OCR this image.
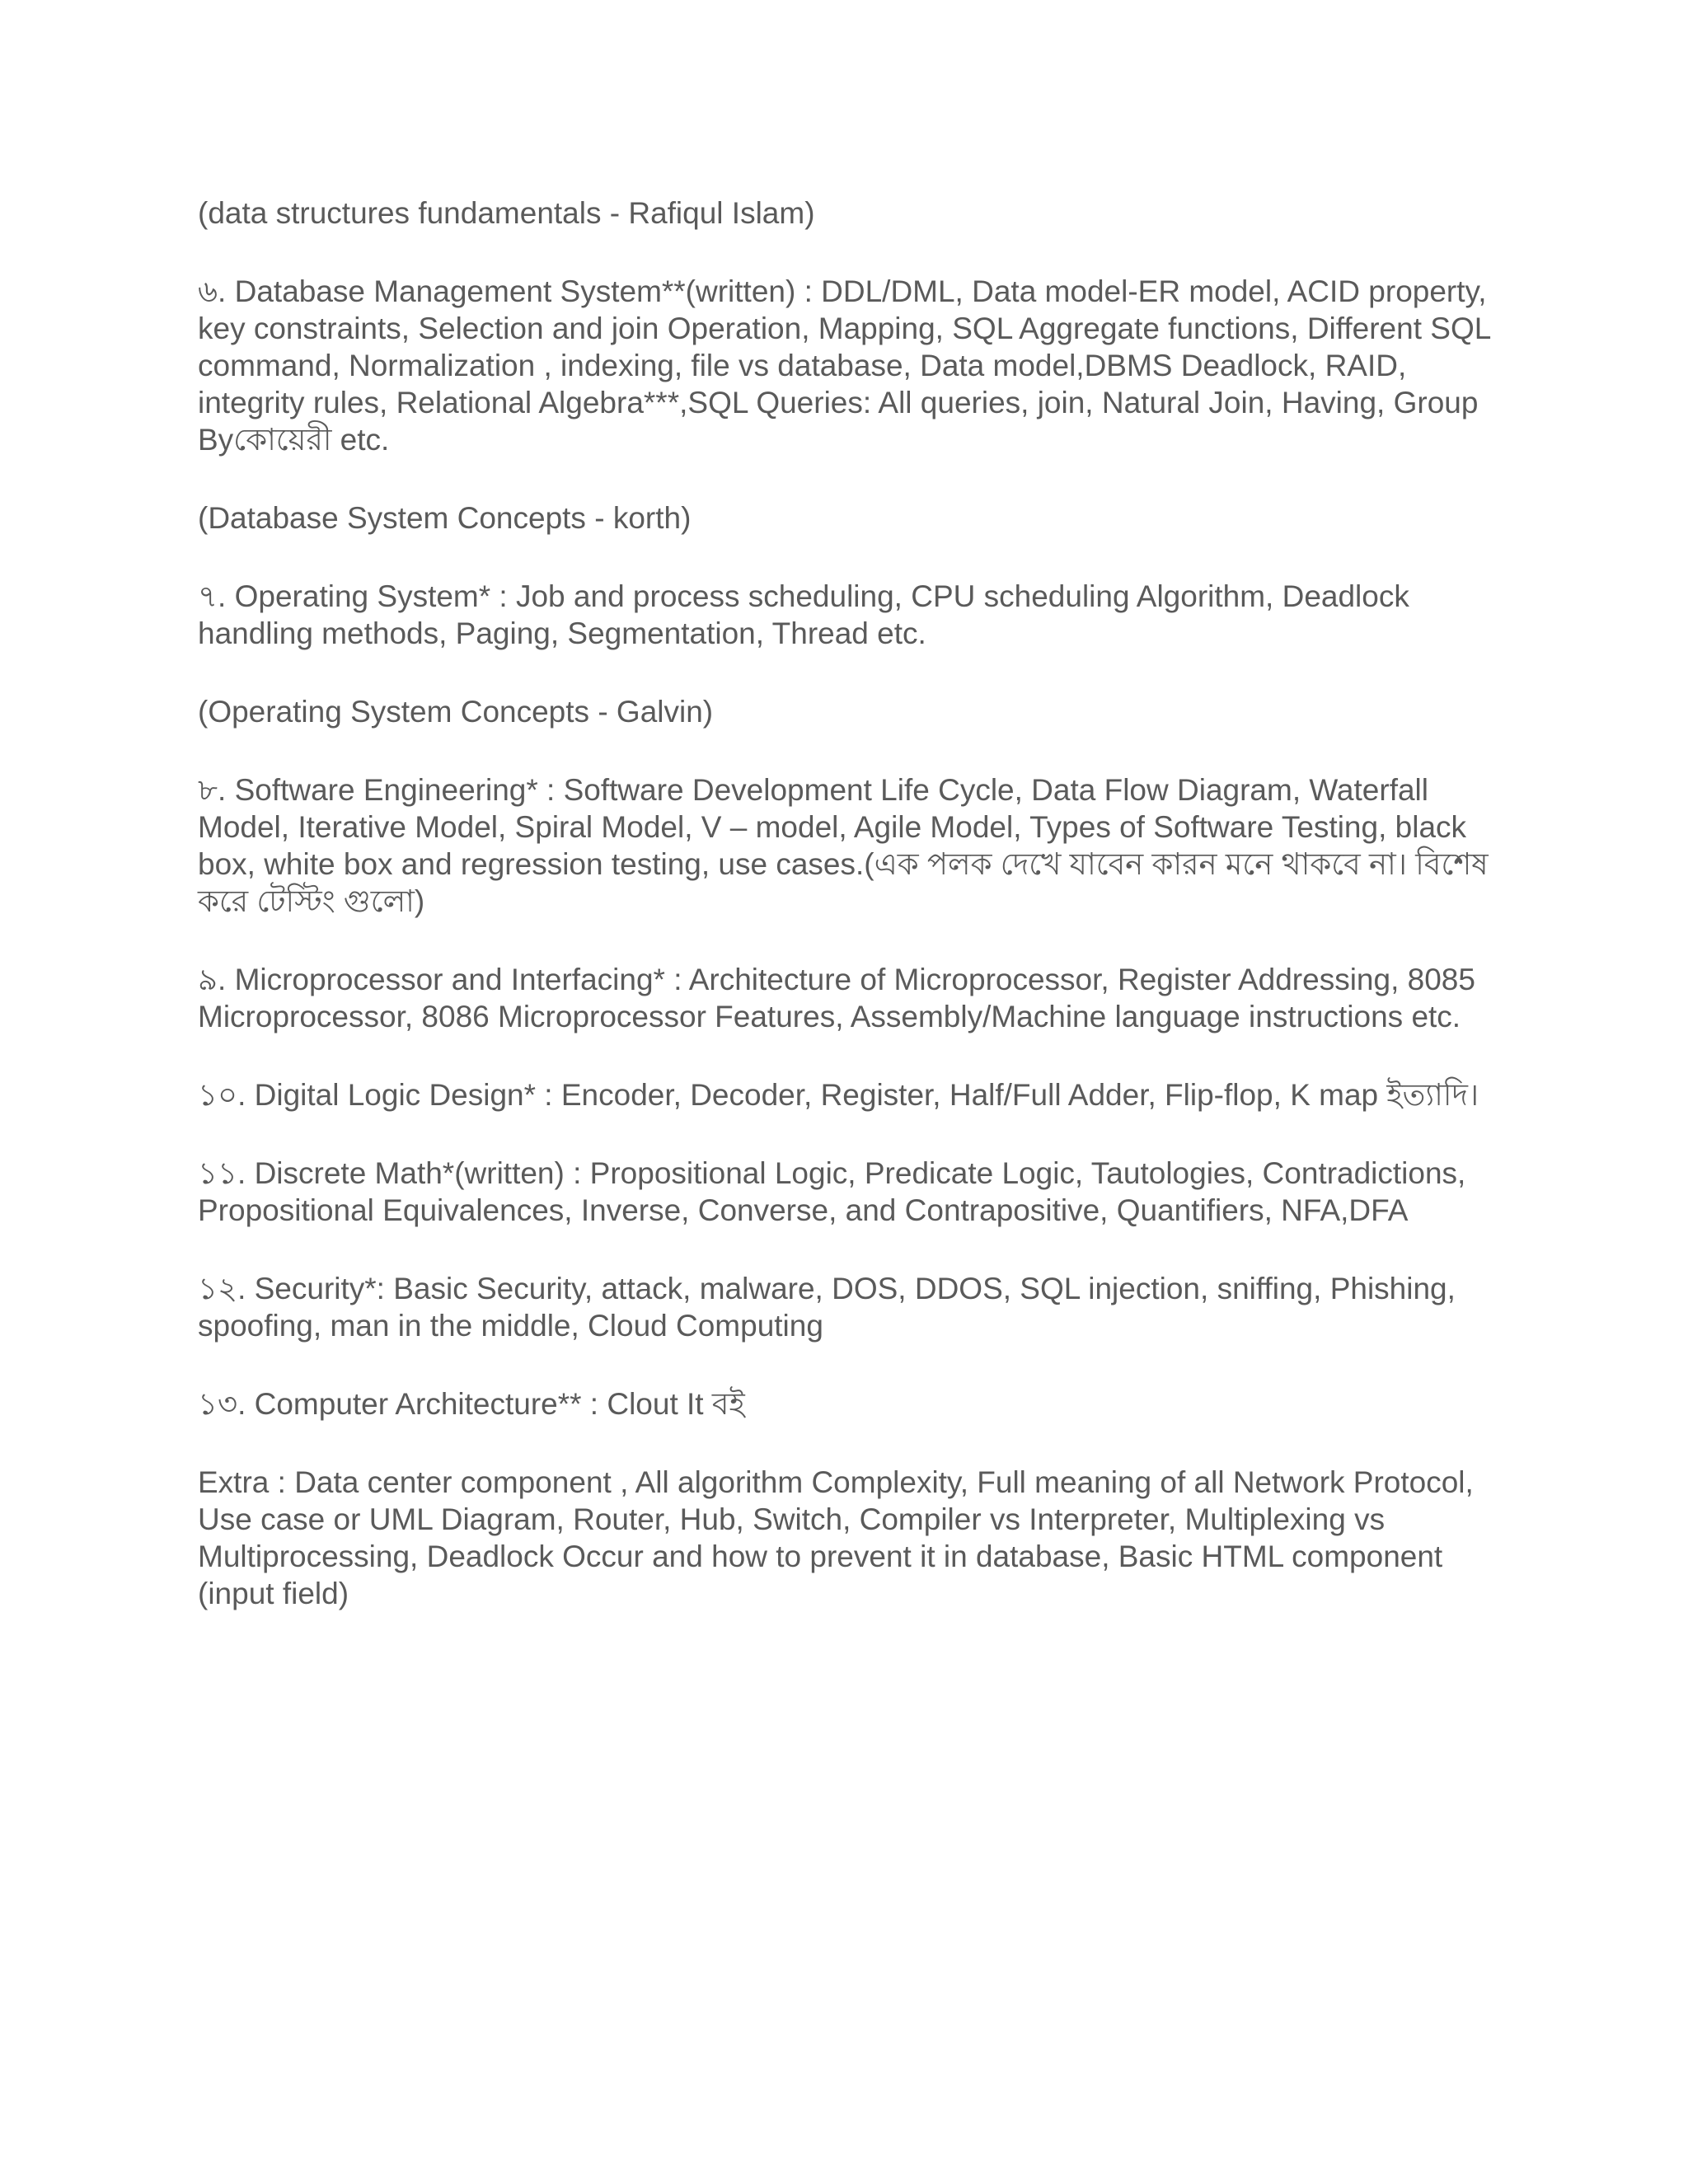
(data structures fundamentals - Rafiqul Islam)

৬. Database Management System**(written) : DDL/DML, Data model-ER model, ACID property, key constraints, Selection and join Operation, Mapping, SQL Aggregate functions, Different SQL command, Normalization , indexing, file vs database, Data model,DBMS Deadlock, RAID, integrity rules, Relational Algebra***,SQL Queries: All queries, join, Natural Join, Having, Group Byকোয়েরী etc.

(Database System Concepts - korth)

৭. Operating System* : Job and process scheduling, CPU scheduling Algorithm, Deadlock handling methods, Paging, Segmentation, Thread etc.

(Operating System Concepts - Galvin)

৮. Software Engineering* : Software Development Life Cycle, Data Flow Diagram, Waterfall Model, Iterative Model, Spiral Model, V – model, Agile Model, Types of Software Testing, black box, white box and regression testing, use cases.(এক পলক দেখে যাবেন কারন মনে থাকবে না। বিশেষ করে টেস্টিং গুলো)

৯. Microprocessor and Interfacing* : Architecture of Microprocessor, Register Addressing, 8085 Microprocessor, 8086 Microprocessor Features, Assembly/Machine language instructions etc.

১০. Digital Logic Design* : Encoder, Decoder, Register, Half/Full Adder, Flip-flop, K map ইত্যাদি।

১১. Discrete Math*(written) : Propositional Logic, Predicate Logic, Tautologies, Contradictions, Propositional Equivalences, Inverse, Converse, and Contrapositive, Quantifiers, NFA,DFA

১২. Security*: Basic Security, attack, malware, DOS, DDOS, SQL injection, sniffing, Phishing, spoofing, man in the middle, Cloud Computing

১৩. Computer Architecture** : Clout It বই

Extra : Data center component , All algorithm Complexity, Full meaning of all Network Protocol, Use case or UML Diagram, Router, Hub, Switch, Compiler vs Interpreter, Multiplexing vs Multiprocessing, Deadlock Occur and how to prevent it in database, Basic HTML component (input field)
